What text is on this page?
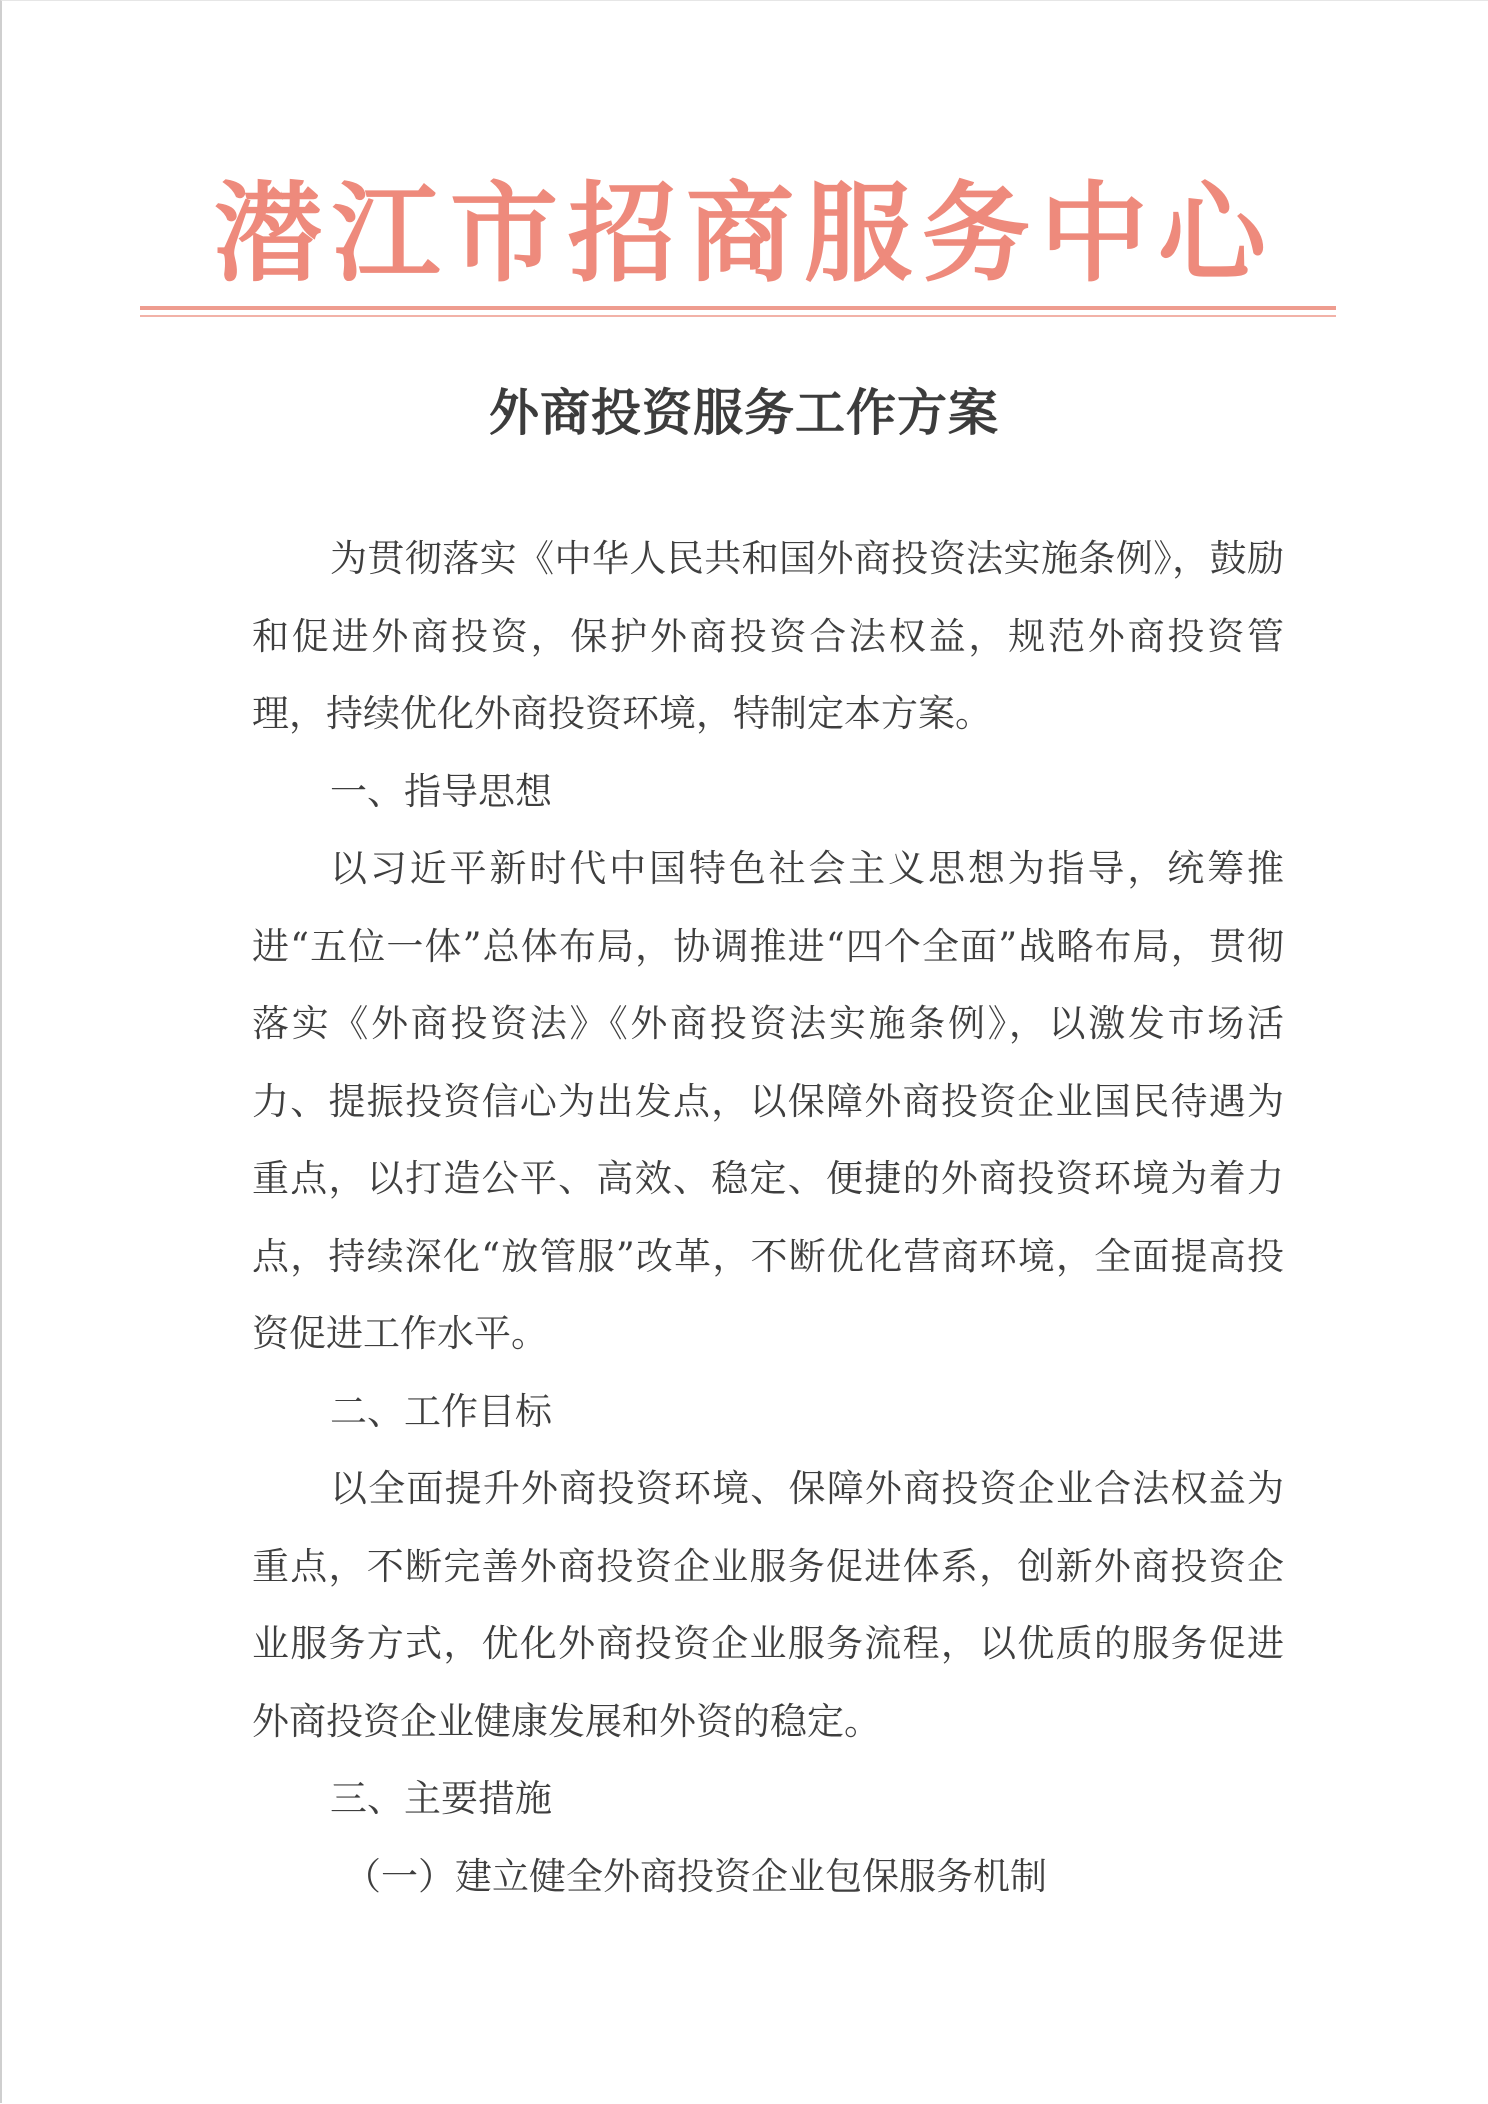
潜江市招商服务中心
外商投资服务工作方案

为贯彻落实《中华人民共和国外商投资法实施条例》，鼓励和促进外商投资，保护外商投资合法权益，规范外商投资管理，持续优化外商投资环境，特制定本方案。

一、指导思想

以习近平新时代中国特色社会主义思想为指导，统筹推进“五位一体”总体布局，协调推进“四个全面”战略布局，贯彻落实《外商投资法》《外商投资法实施条例》，以激发市场活力、提振投资信心为出发点，以保障外商投资企业国民待遇为重点，以打造公平、高效、稳定、便捷的外商投资环境为着力点，持续深化“放管服”改革，不断优化营商环境，全面提高投资促进工作水平。

二、工作目标

以全面提升外商投资环境、保障外商投资企业合法权益为重点，不断完善外商投资企业服务促进体系，创新外商投资企业服务方式，优化外商投资企业服务流程，以优质的服务促进外商投资企业健康发展和外资的稳定。

三、主要措施

（一）建立健全外商投资企业包保服务机制
